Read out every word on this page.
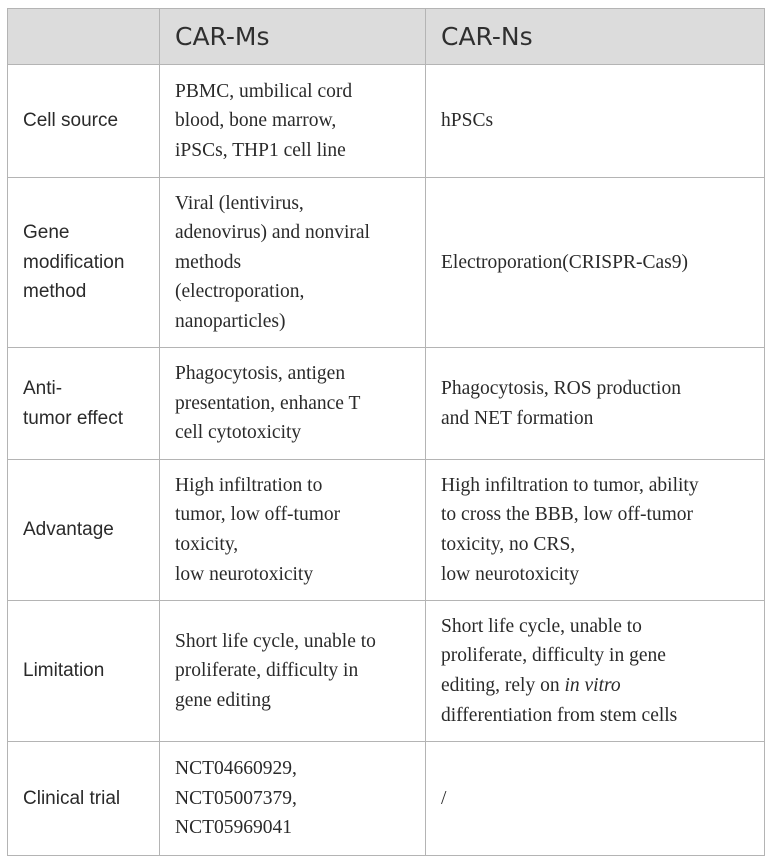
	CAR-Ms	CAR-Ns

Cell source	PBMC, umbilical cord
blood, bone marrow,
iPSCs, THP1 cell line	hPSCs

Gene
modification
method	Viral (lentivirus,
adenovirus) and nonviral
methods
(electroporation,
nanoparticles)	Electroporation(CRISPR-Cas9)

Anti-
tumor effect	Phagocytosis, antigen
presentation, enhance T
cell cytotoxicity	Phagocytosis, ROS production
and NET formation

Advantage	High infiltration to
tumor, low off-tumor
toxicity,
low neurotoxicity	High infiltration to tumor, ability
to cross the BBB, low off-tumor
toxicity, no CRS,
low neurotoxicity

Limitation	Short life cycle, unable to
proliferate, difficulty in
gene editing	Short life cycle, unable to
proliferate, difficulty in gene
editing, rely on in vitro
differentiation from stem cells

Clinical trial	NCT04660929,
NCT05007379,
NCT05969041	/
